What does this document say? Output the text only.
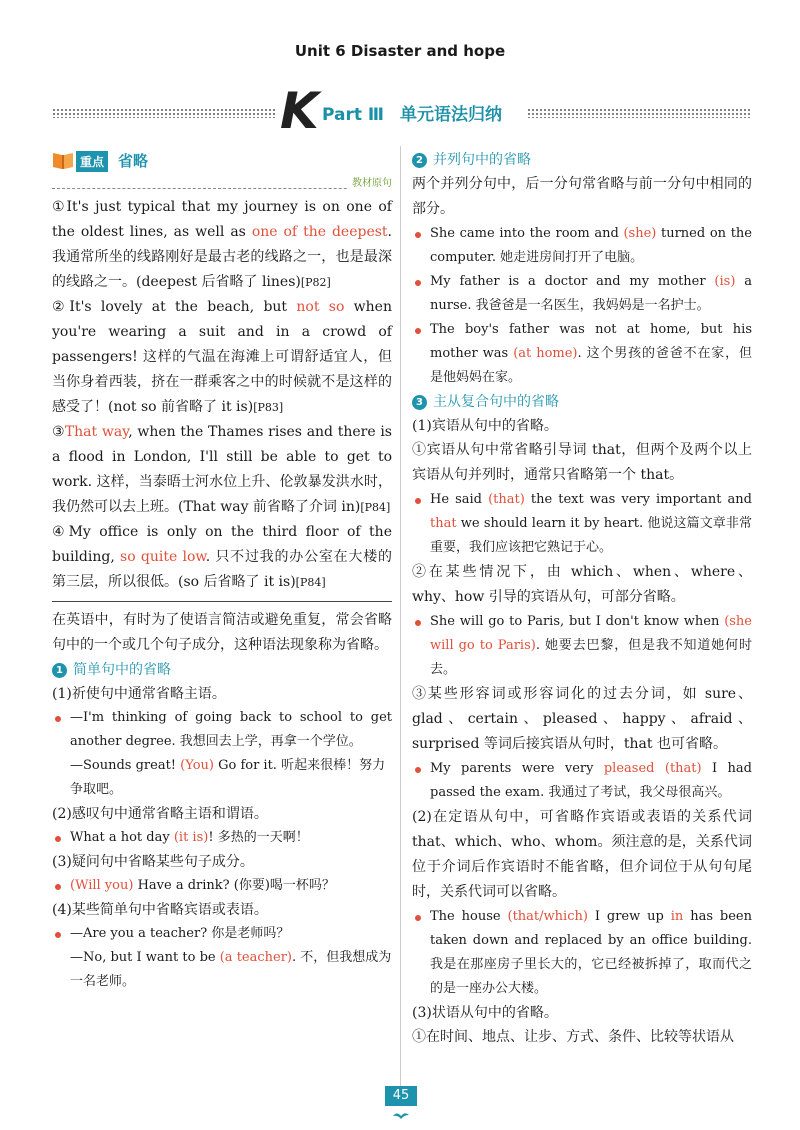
Unit 6 Disaster and hope
K Part Ⅲ 单元语法归纳
重点 省略
教材原句

①It's just typical that my journey is on one of the oldest lines, as well as one of the deepest. 我通常所坐的线路刚好是最古老的线路之一，也是最深的线路之一。(deepest 后省略了 lines)[P82]

②It's lovely at the beach, but not so when you're wearing a suit and in a crowd of passengers! 这样的气温在海滩上可谓舒适宜人，但当你身着西装，挤在一群乘客之中的时候就不是这样的感受了！(not so 前省略了 it is)[P83]

③That way, when the Thames rises and there is a flood in London, I'll still be able to get to work. 这样，当泰晤士河水位上升、伦敦暴发洪水时，我仍然可以去上班。(That way 前省略了介词 in)[P84]

④My office is only on the third floor of the building, so quite low. 只不过我的办公室在大楼的第三层，所以很低。(so 后省略了 it is)[P84]

在英语中，有时为了使语言简洁或避免重复，常会省略句中的一个或几个句子成分，这种语法现象称为省略。

1 简单句中的省略

(1)祈使句中通常省略主语。

—I'm thinking of going back to school to get another degree. 我想回去上学，再拿一个学位。

—Sounds great! (You) Go for it. 听起来很棒！努力争取吧。

(2)感叹句中通常省略主语和谓语。

What a hot day (it is)! 多热的一天啊！

(3)疑问句中省略某些句子成分。

(Will you) Have a drink? (你要)喝一杯吗？

(4)某些简单句中省略宾语或表语。

—Are you a teacher? 你是老师吗？

—No, but I want to be (a teacher). 不，但我想成为一名老师。

2 并列句中的省略

两个并列分句中，后一分句常省略与前一分句中相同的部分。

She came into the room and (she) turned on the computer. 她走进房间打开了电脑。

My father is a doctor and my mother (is) a nurse. 我爸爸是一名医生，我妈妈是一名护士。

The boy's father was not at home, but his mother was (at home). 这个男孩的爸爸不在家，但是他妈妈在家。

3 主从复合句中的省略

(1)宾语从句中的省略。

①宾语从句中常省略引导词 that，但两个及两个以上宾语从句并列时，通常只省略第一个 that。

He said (that) the text was very important and that we should learn it by heart. 他说这篇文章非常重要，我们应该把它熟记于心。

②在某些情况下，由 which、when、where、why、how 引导的宾语从句，可部分省略。

She will go to Paris, but I don't know when (she will go to Paris). 她要去巴黎，但是我不知道她何时去。

③某些形容词或形容词化的过去分词，如 sure、glad、certain、pleased、happy、afraid、surprised 等词后接宾语从句时，that 也可省略。

My parents were very pleased (that) I had passed the exam. 我通过了考试，我父母很高兴。

(2)在定语从句中，可省略作宾语或表语的关系代词 that、which、who、whom。须注意的是，关系代词位于介词后作宾语时不能省略，但介词位于从句句尾时，关系代词可以省略。

The house (that/which) I grew up in has been taken down and replaced by an office building. 我是在那座房子里长大的，它已经被拆掉了，取而代之的是一座办公大楼。

(3)状语从句中的省略。

①在时间、地点、让步、方式、条件、比较等状语从

45
